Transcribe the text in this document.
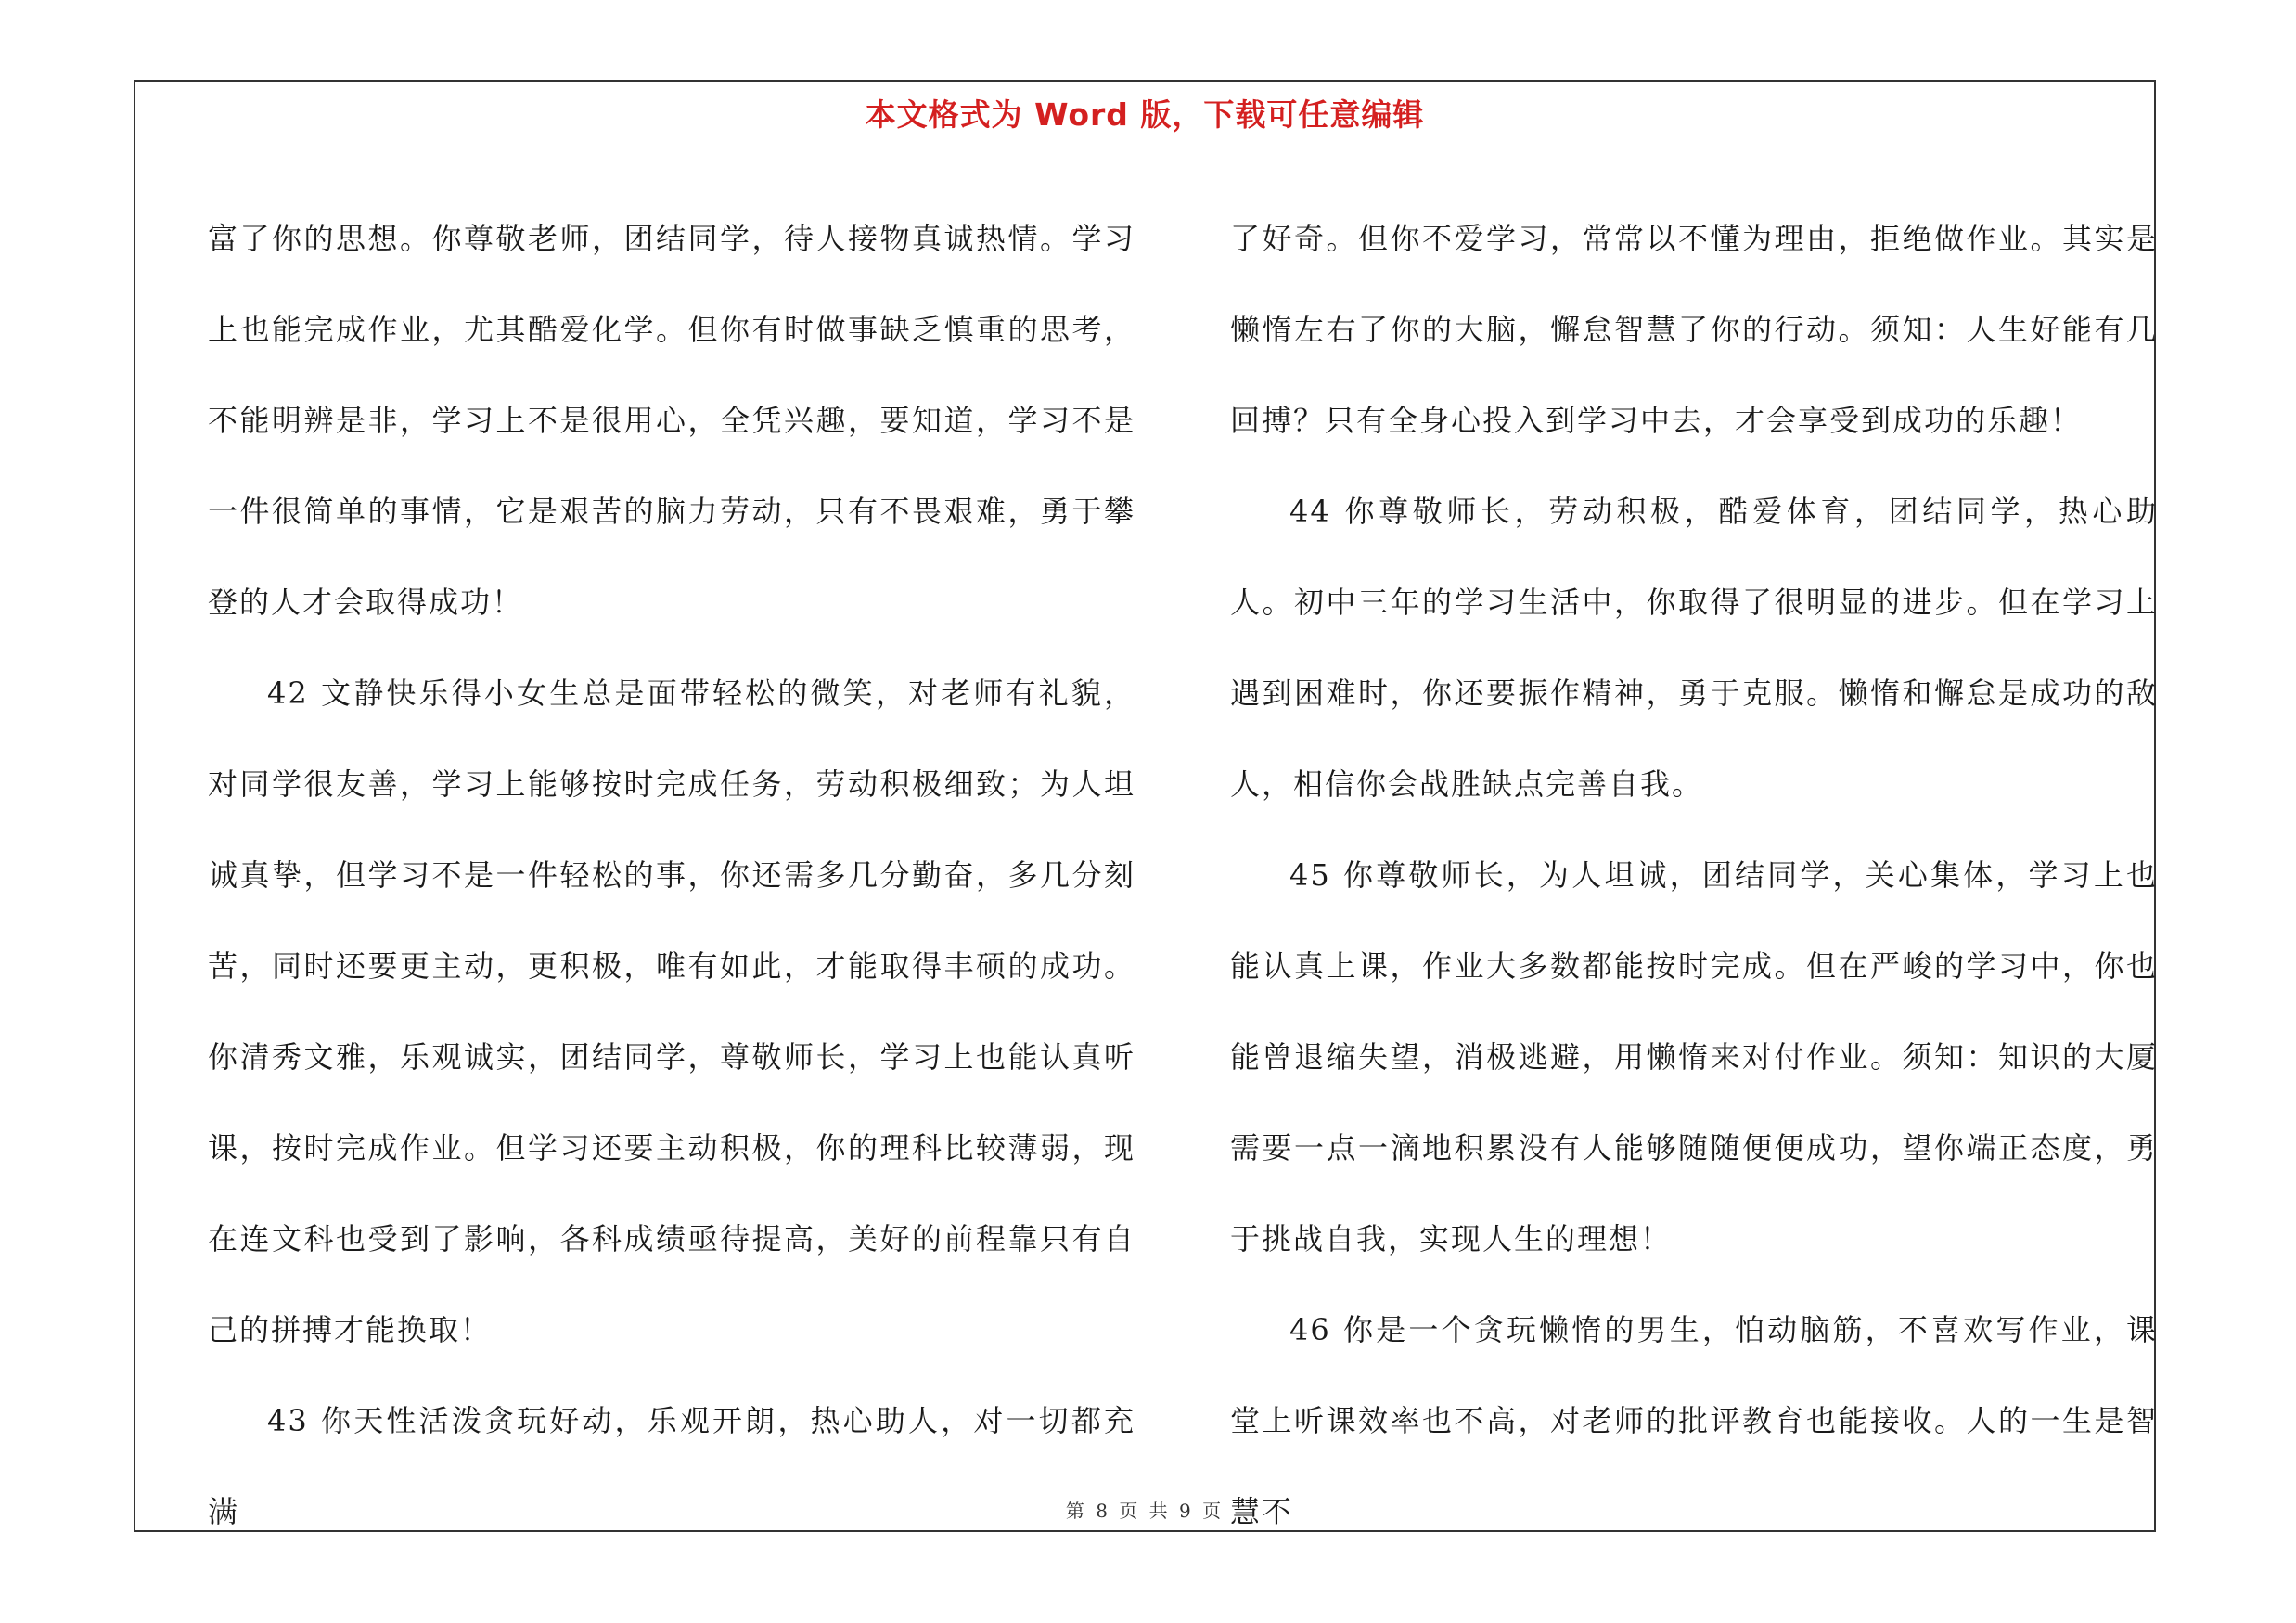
本文格式为 Word 版，下载可任意编辑

富了你的思想。你尊敬老师，团结同学，待人接物真诚热情。学习上也能完成作业，尤其酷爱化学。但你有时做事缺乏慎重的思考，不能明辨是非，学习上不是很用心，全凭兴趣，要知道，学习不是一件很简单的事情，它是艰苦的脑力劳动，只有不畏艰难，勇于攀登的人才会取得成功！

42 文静快乐得小女生总是面带轻松的微笑，对老师有礼貌，对同学很友善，学习上能够按时完成任务，劳动积极细致；为人坦诚真挚，但学习不是一件轻松的事，你还需多几分勤奋，多几分刻苦，同时还要更主动，更积极，唯有如此，才能取得丰硕的成功。你清秀文雅，乐观诚实，团结同学，尊敬师长，学习上也能认真听课，按时完成作业。但学习还要主动积极，你的理科比较薄弱，现在连文科也受到了影响，各科成绩亟待提高，美好的前程靠只有自己的拼搏才能换取！

43 你天性活泼贪玩好动，乐观开朗，热心助人，对一切都充满

了好奇。但你不爱学习，常常以不懂为理由，拒绝做作业。其实是懒惰左右了你的大脑，懈怠智慧了你的行动。须知：人生好能有几回搏？只有全身心投入到学习中去，才会享受到成功的乐趣！

44 你尊敬师长，劳动积极，酷爱体育，团结同学，热心助人。初中三年的学习生活中，你取得了很明显的进步。但在学习上遇到困难时，你还要振作精神，勇于克服。懒惰和懈怠是成功的敌人，相信你会战胜缺点完善自我。

45 你尊敬师长，为人坦诚，团结同学，关心集体，学习上也能认真上课，作业大多数都能按时完成。但在严峻的学习中，你也能曾退缩失望，消极逃避，用懒惰来对付作业。须知：知识的大厦需要一点一滴地积累没有人能够随随便便成功，望你端正态度，勇于挑战自我，实现人生的理想！

46 你是一个贪玩懒惰的男生，怕动脑筋，不喜欢写作业，课堂上听课效率也不高，对老师的批评教育也能接收。人的一生是智慧不

第 8 页 共 9 页
